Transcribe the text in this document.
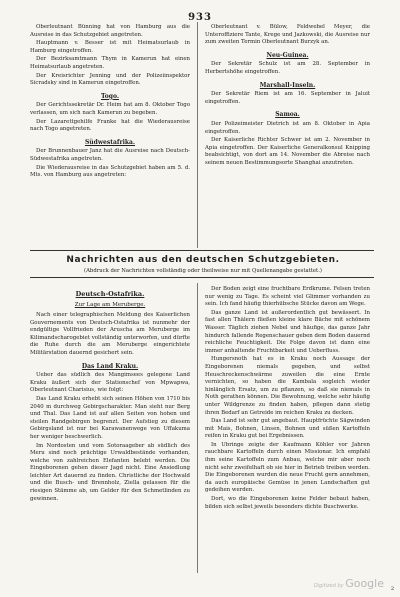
933

Oberleutnant Bünning hat von Hamburg aus die Ausreise in das Schutzgebiet angetreten.

Hauptmann v. Besser ist mit Heimatsurlaub in Hamburg eingetroffen.

Der Bezirksamtmann Thym in Kamerun hat einen Heimatsurlaub angetreten.

Der Kreisrichter Jenning und der Polizeiinspektor Sicradsky sind in Kamerun eingetroffen.

Togo.

Der Gerichtssekretär Dr. Heim hat am 8. Oktober Togo verlassen, um sich nach Kamerun zu begeben.

Der Lazarettgehilfe Franke hat die Wiederausreise nach Togo angetreten.

Südwestafrika.

Der Brunnenbauer Janz hat die Ausreise nach Deutsch-Südwestafrika angetreten.

Die Wiederausreise in das Schutzgebiet haben am 5. d. Mts. von Hamburg aus angetreten:

Oberleutnant v. Bülow, Feldwebel Meyer, die Unteroffiziere Tante, Krege und Jazkowski, die Ausreise nur zum zweiten Termin Oberleutnant Burzyk an.

Neu-Guinea.

Der Sekretär Schulz ist am 28. September in Herbertshöhe eingetroffen.

Marshall-Inseln.

Der Sekretär Riem ist am 16. September in Jaluit eingetroffen.

Samoa.

Der Polizeimeister Dietrich ist am 8. Oktober in Apia eingetroffen.

Der Kaiserliche Richter Schwer ist am 2. November in Apia eingetroffen. Der Kaiserliche Generalkonsul Knipping beabsichtigt, von dort am 14. November die Abreise nach seinem neuen Bestimmungsorte Shanghai anzutreten.

Nachrichten aus den deutschen Schutzgebieten.
(Abdruck der Nachrichten vollständig oder theilweise nur mit Quellenangabe gestattet.)
Deutsch-Ostafrika.
Zur Lage am Meruberge.

Nach einer telegraphischen Meldung des Kaiserlichen Gouvernements von Deutsch-Ostafrika ist nunmehr der endgültige Vollfrieden der Aruscha am Meruberge im Kilimandscharogebiet vollständig unterworfen, und dürfte die Ruhe durch die am Meruberge eingerichtete Militärstation dauernd gesichert sein.

Das Land Kraku.

Ueber das südlich des Mangimsees gelegene Land Kraku äußert sich der Stationschef von Mpwapwa, Oberleutnant Charisius, wie folgt:

Das Land Kraku erhebt sich seinen Höhen von 1710 bis 2040 m durchweg Gebirgscharakter. Man sieht nur Berg und Thal. Das Land ist auf allen Seiten von hohen und steilen Randgebirgen begrenzt. Der Aufstieg zu diesem Gebirgsland ist nur bei Karawanenwege von Uffakuma her weniger beschwerlich.

Im Nordosten und vom Sotoraageber ab südlich des Meru sind noch prächtige Urwaldbestände vorhanden, welche von zahlreichen Elefanten belebt werden. Die Eingeborenen gehen dieser Jagd nicht. Eine Ansiedlung leichter Art dauernd zu finden. Christliche der Hochwald und die Busch- und Brennholz, Ziella gelassen für die riesigen Stämme ab, um Gelder für den Schmetlinden zu gewinnen.

Der Boden zeigt eine fruchtbare Erdkrume. Felsen treten nur wenig zu Tage. Es scheint viel Glimmer vorhanden zu sein. Ich fand häufig thierhübsche Stücke davon am Wege.

Das ganze Land ist außerordentlich gut bewässert. In fast allen Thälern fließen kleine klare Bäche mit schönem Wasser. Täglich ziehen Nebel und häufige, das ganze Jahr hindurch fallende Regenschauer geben dem Boden dauernd reichliche Feuchtigkeit. Die Folge davon ist dann eine immer anhaltende Fruchtbarkeit und Ueberfluss.

Hungersnoth hat es in Kraku noch Aussage der Eingeborenen niemals gegeben, und selbst Heuschreckenschwärme zuweilen die eine Ernte vernichten, so haben die Kambala sogleich wieder hinlänglich Ersatz, um zu pflanzen, so daß sie niemals in Noth gerathen können. Die Bewohnung, welche sehr häufig unter Wildgrenze zu finden haben, pflegen dann stetig ihren Bedarf an Getreide im reichen Kraku zu decken.

Das Land ist sehr gut angebaut. Hauptfrüchte Sägwinden mit Mais, Bohnen, Linsen, Bohnen und süßen Kartoffeln reifen in Kraku gut bei Ergebnissen.

In Ubringe zeigte der Kaufmann Köhler vor Jahren rauchbare Kartoffeln durch einen Missionar. Ich empfahl ihm seine Kartoffeln zum Anbau, welche mir aber noch nicht sehr zweifelhaft ob sie hier in Betrieb treiben werden. Die Eingeborenen wurden die neue Frucht gern annehmen, da auch europäische Gemüse in jenen Landschaften gut gedeihen werden.

Dort, wo die Eingeborenen keine Felder bebaut haben, bilden sich selbst jeweils besonders dichte Buschwerke.

Digitized by Google 2
